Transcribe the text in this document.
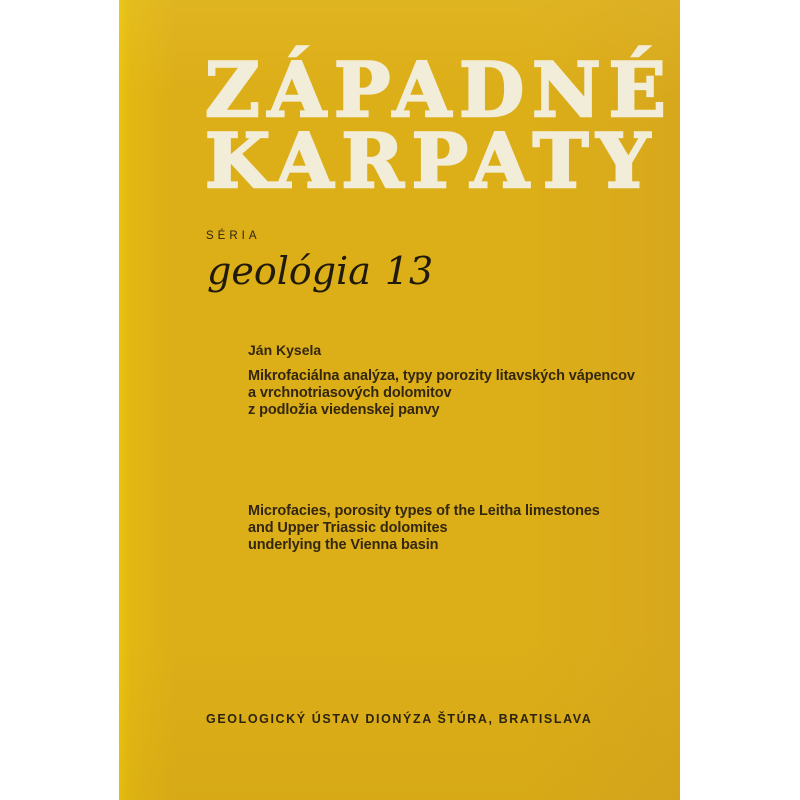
ZÁPADNÉ
KARPATY
SÉRIA
geológia 13
Ján Kysela
Mikrofaciálna analýza, typy porozity litavských vápencov
a vrchnotriasových dolomitov
z podložia viedenskej panvy
Microfacies, porosity types of the Leitha limestones
and Upper Triassic dolomites
underlying the Vienna basin
GEOLOGICKÝ ÚSTAV DIONÝZA ŠTÚRA, BRATISLAVA
